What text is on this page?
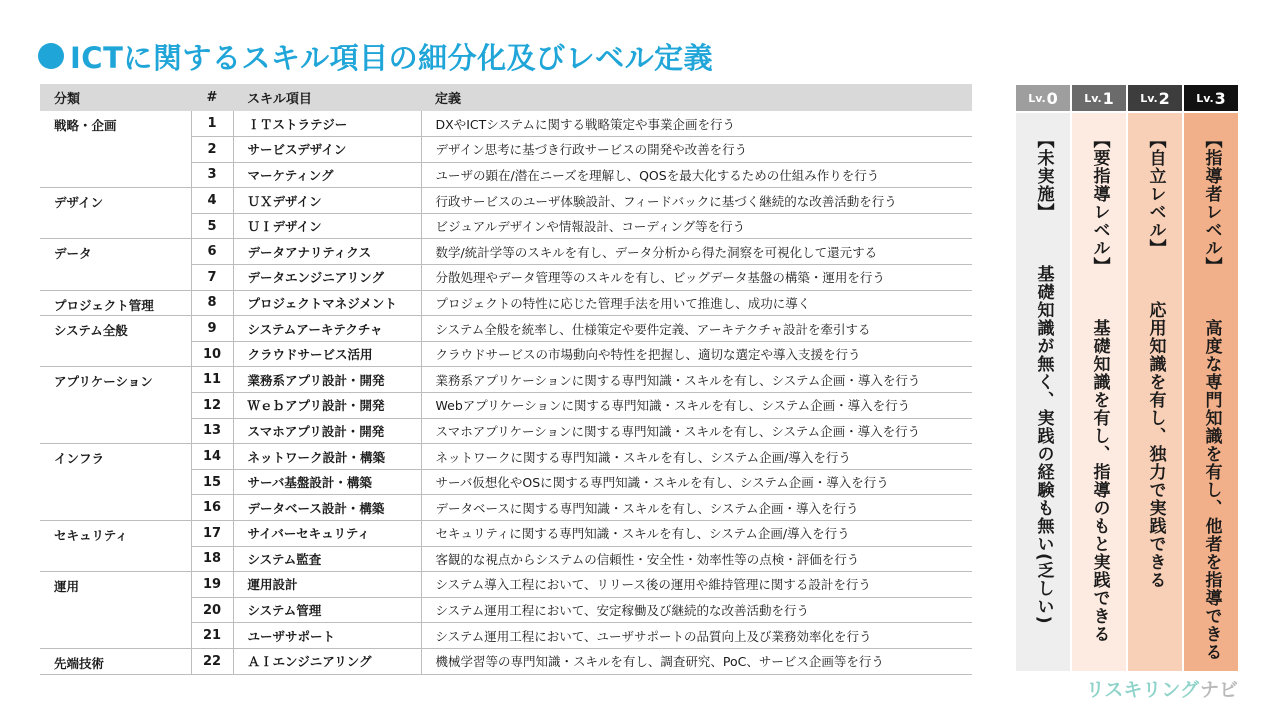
ICTに関するスキル項目の細分化及びレベル定義
分類	#	スキル項目	定義
戦略・企画	1	ＩＴストラテジー	DXやICTシステムに関する戦略策定や事業企画を行う
	2	サービスデザイン	デザイン思考に基づき行政サービスの開発や改善を行う
	3	マーケティング	ユーザの顕在/潜在ニーズを理解し、QOSを最大化するための仕組み作りを行う
デザイン	4	ＵＸデザイン	行政サービスのユーザ体験設計、フィードバックに基づく継続的な改善活動を行う
	5	ＵＩデザイン	ビジュアルデザインや情報設計、コーディング等を行う
データ	6	データアナリティクス	数学/統計学等のスキルを有し、データ分析から得た洞察を可視化して還元する
	7	データエンジニアリング	分散処理やデータ管理等のスキルを有し、ビッグデータ基盤の構築・運用を行う
プロジェクト管理	8	プロジェクトマネジメント	プロジェクトの特性に応じた管理手法を用いて推進し、成功に導く
システム全般	9	システムアーキテクチャ	システム全般を統率し、仕様策定や要件定義、アーキテクチャ設計を牽引する
	10	クラウドサービス活用	クラウドサービスの市場動向や特性を把握し、適切な選定や導入支援を行う
アプリケーション	11	業務系アプリ設計・開発	業務系アプリケーションに関する専門知識・スキルを有し、システム企画・導入を行う
	12	Ｗｅｂアプリ設計・開発	Webアプリケーションに関する専門知識・スキルを有し、システム企画・導入を行う
	13	スマホアプリ設計・開発	スマホアプリケーションに関する専門知識・スキルを有し、システム企画・導入を行う
インフラ	14	ネットワーク設計・構築	ネットワークに関する専門知識・スキルを有し、システム企画/導入を行う
	15	サーバ基盤設計・構築	サーバ仮想化やOSに関する専門知識・スキルを有し、システム企画・導入を行う
	16	データベース設計・構築	データベースに関する専門知識・スキルを有し、システム企画・導入を行う
セキュリティ	17	サイバーセキュリティ	セキュリティに関する専門知識・スキルを有し、システム企画/導入を行う
	18	システム監査	客観的な視点からシステムの信頼性・安全性・効率性等の点検・評価を行う
運用	19	運用設計	システム導入工程において、リリース後の運用や維持管理に関する設計を行う
	20	システム管理	システム運用工程において、安定稼働及び継続的な改善活動を行う
	21	ユーザサポート	システム運用工程において、ユーザサポートの品質向上及び業務効率化を行う
先端技術	22	ＡＩエンジニアリング	機械学習等の専門知識・スキルを有し、調査研究、PoC、サービス企画等を行う
Lv. 0
【未実施】
基礎知識が無く、実践の経験も無い(乏しい)
Lv. 1
【要指導レベル】
基礎知識を有し、指導のもと実践できる
Lv. 2
【自立レベル】
応用知識を有し、独力で実践できる
Lv. 3
【指導者レベル】
高度な専門知識を有し、他者を指導できる
リスキリング ナビ
